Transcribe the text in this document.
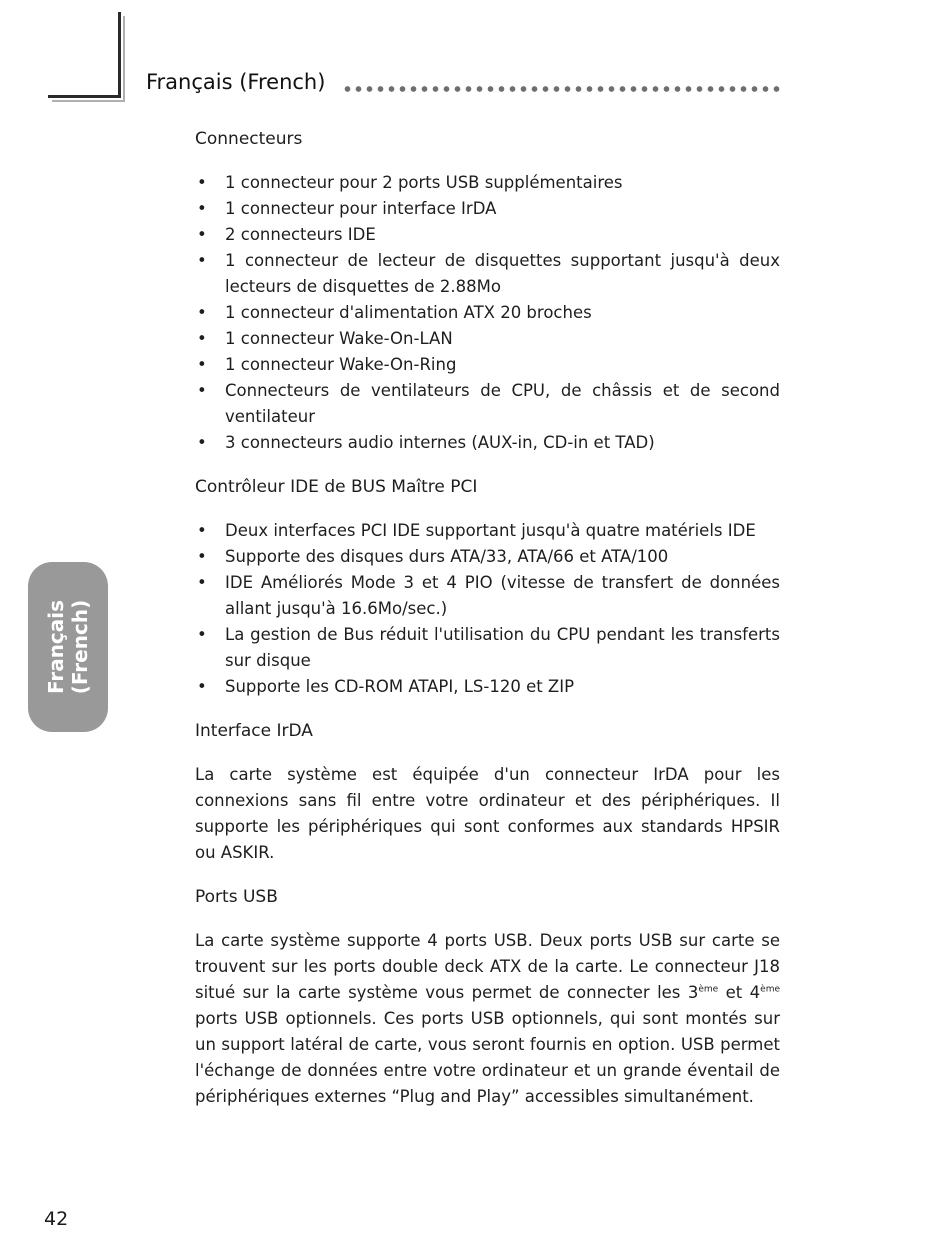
Français (French)
Français (French)
Connecteurs
• 1 connecteur pour 2 ports USB supplémentaires
• 1 connecteur pour interface IrDA
• 2 connecteurs IDE
• 1 connecteur de lecteur de disquettes supportant jusqu'à deux lecteurs de disquettes de 2.88Mo
• 1 connecteur d'alimentation ATX 20 broches
• 1 connecteur Wake-On-LAN
• 1 connecteur Wake-On-Ring
• Connecteurs de ventilateurs de CPU, de châssis et de second ventilateur
• 3 connecteurs audio internes (AUX-in, CD-in et TAD)
Contrôleur IDE de BUS Maître PCI
• Deux interfaces PCI IDE supportant jusqu'à quatre matériels IDE
• Supporte des disques durs ATA/33, ATA/66 et ATA/100
• IDE Améliorés Mode 3 et 4 PIO (vitesse de transfert de données allant jusqu'à 16.6Mo/sec.)
• La gestion de Bus réduit l'utilisation du CPU pendant les transferts sur disque
• Supporte les CD-ROM ATAPI, LS-120 et ZIP
Interface IrDA

La carte système est équipée d'un connecteur IrDA pour les connexions sans fil entre votre ordinateur et des périphériques. Il supporte les périphériques qui sont conformes aux standards HPSIR ou ASKIR.

Ports USB

La carte système supporte 4 ports USB. Deux ports USB sur carte se trouvent sur les ports double deck ATX de la carte. Le connecteur J18 situé sur la carte système vous permet de connecter les 3ème et 4ème ports USB optionnels. Ces ports USB optionnels, qui sont montés sur un support latéral de carte, vous seront fournis en option. USB permet l'échange de données entre votre ordinateur et un grande éventail de périphériques externes “Plug and Play” accessibles simultanément.

42
